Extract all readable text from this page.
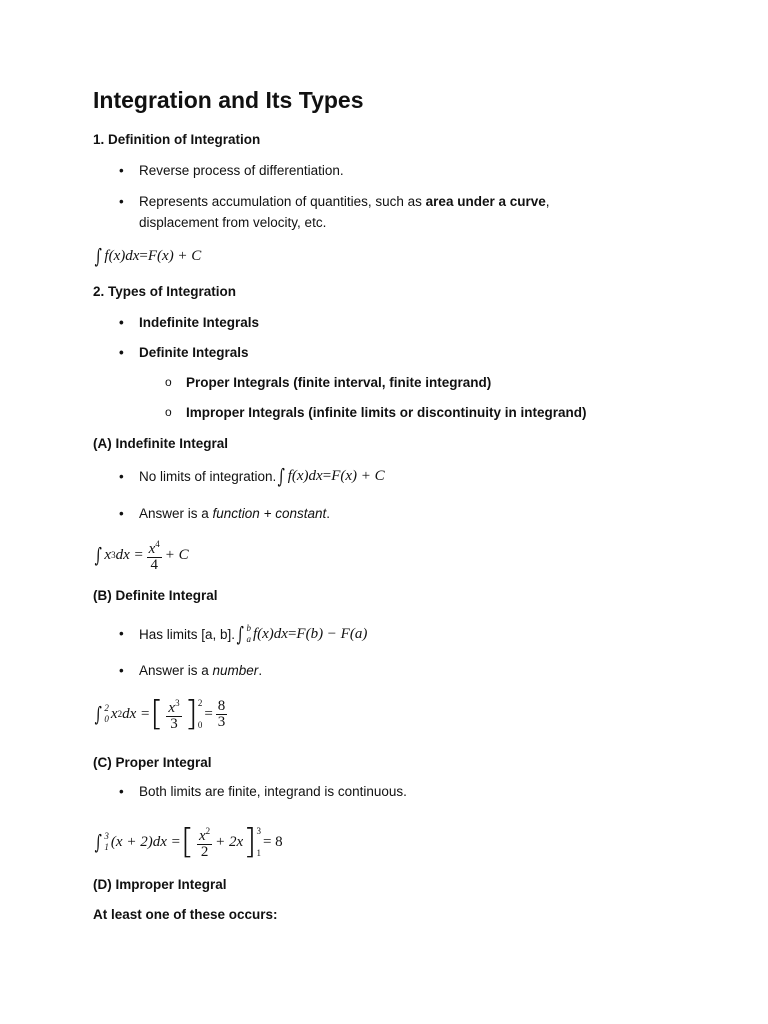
Integration and Its Types
1. Definition of Integration
• Reverse process of differentiation.
• Represents accumulation of quantities, such as area under a curve,
displacement from velocity, etc.
∫ f(x)dx = F(x) + C
2. Types of Integration
• Indefinite Integrals
• Definite Integrals
o Proper Integrals (finite interval, finite integrand)
o Improper Integrals (infinite limits or discontinuity in integrand)
(A) Indefinite Integral
• No limits of integration. ∫ f(x)dx = F(x) + C
• Answer is a function + constant.
∫ x 3 dx = $\frac{x^4}{4} + C$
(B) Definite Integral
• Has limits [a, b]. ∫ b
a f(x)dx = F(b) − F(a)
• Answer is a number.
∫ 2
0 x 2 dx = [ $\frac{x^3}{3}$ ] 2
0
= $\frac{8}{3}$
(C) Proper Integral
• Both limits are finite, integrand is continuous.
∫ 3
1 (x + 2)dx = [ $\frac{x^2}{2} + 2x$ ] 3
1
= 8
(D) Improper Integral
At least one of these occurs:
